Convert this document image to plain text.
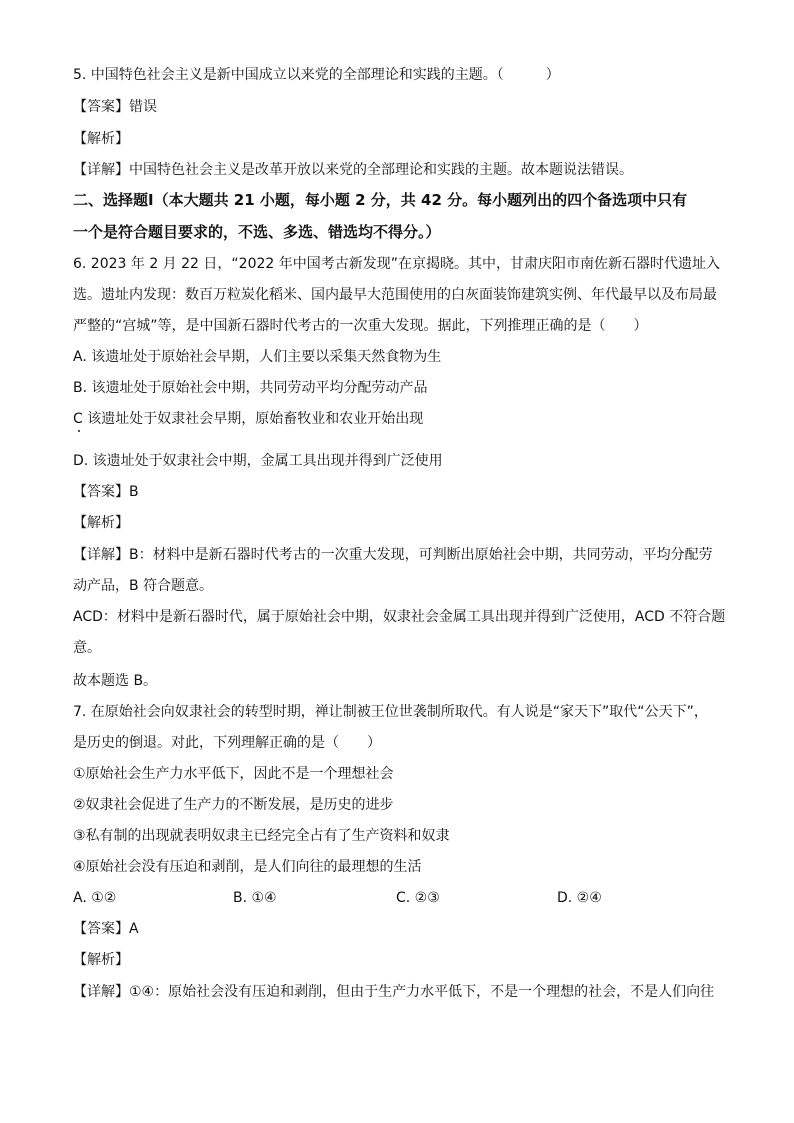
5. 中国特色社会主义是新中国成立以来党的全部理论和实践的主题。（　　　）
【答案】错误
【解析】
【详解】中国特色社会主义是改革开放以来党的全部理论和实践的主题。故本题说法错误。
二、选择题Ⅰ（本大题共 21 小题，每小题 2 分，共 42 分。每小题列出的四个备选项中只有
一个是符合题目要求的，不选、多选、错选均不得分。）
6. 2023 年 2 月 22 日，“2022 年中国考古新发现”在京揭晓。其中，甘肃庆阳市南佐新石器时代遗址入
选。遗址内发现：数百万粒炭化稻米、国内最早大范围使用的白灰面装饰建筑实例、年代最早以及布局最
严整的“宫城”等，是中国新石器时代考古的一次重大发现。据此，下列推理正确的是（　　）
A. 该遗址处于原始社会早期，人们主要以采集天然食物为生
B. 该遗址处于原始社会中期，共同劳动平均分配劳动产品
C 该遗址处于奴隶社会早期，原始畜牧业和农业开始出现
D. 该遗址处于奴隶社会中期，金属工具出现并得到广泛使用
【答案】B
【解析】
【详解】B：材料中是新石器时代考古的一次重大发现，可判断出原始社会中期，共同劳动，平均分配劳
动产品，B 符合题意。
ACD：材料中是新石器时代，属于原始社会中期，奴隶社会金属工具出现并得到广泛使用，ACD 不符合题
意。
故本题选 B。
7. 在原始社会向奴隶社会的转型时期，禅让制被王位世袭制所取代。有人说是“家天下”取代“公天下”，
是历史的倒退。对此，下列理解正确的是（　　）
①原始社会生产力水平低下，因此不是一个理想社会
②奴隶社会促进了生产力的不断发展，是历史的进步
③私有制的出现就表明奴隶主已经完全占有了生产资料和奴隶
④原始社会没有压迫和剥削，是人们向往的最理想的生活
A. ①②	B. ①④	C. ②③	D. ②④
【答案】A
【解析】
【详解】①④：原始社会没有压迫和剥削，但由于生产力水平低下，不是一个理想的社会，不是人们向往
